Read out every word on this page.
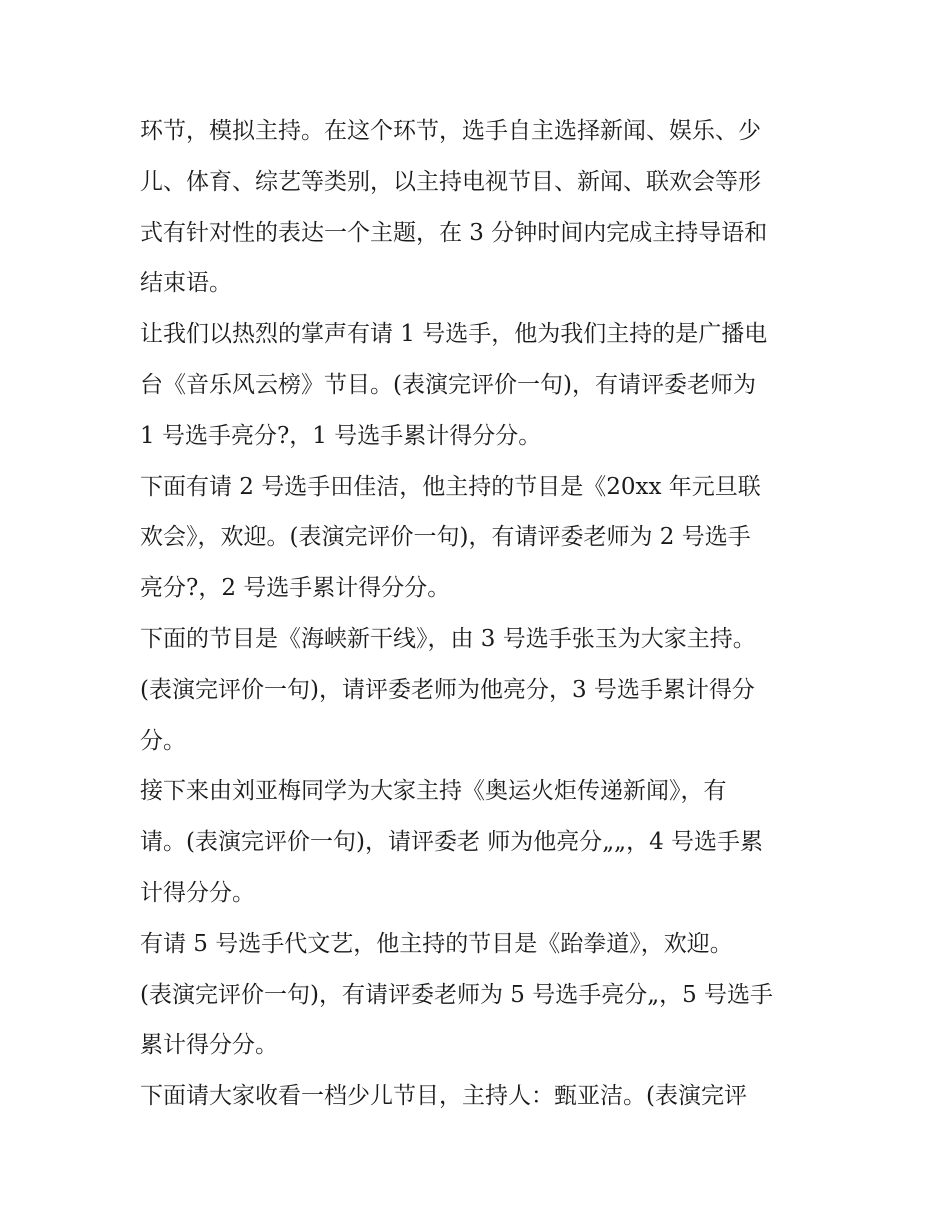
环节，模拟主持。在这个环节，选手自主选择新闻、娱乐、少
儿、体育、综艺等类别，以主持电视节目、新闻、联欢会等形
式有针对性的表达一个主题，在 3 分钟时间内完成主持导语和
结束语。
让我们以热烈的掌声有请 1 号选手，他为我们主持的是广播电
台《音乐风云榜》节目。(表演完评价一句)，有请评委老师为
1 号选手亮分?，1 号选手累计得分分。
下面有请 2 号选手田佳洁，他主持的节目是《20xx 年元旦联
欢会》，欢迎。(表演完评价一句)，有请评委老师为 2 号选手
亮分?，2 号选手累计得分分。
下面的节目是《海峡新干线》，由 3 号选手张玉为大家主持。
(表演完评价一句)，请评委老师为他亮分，3 号选手累计得分
分。
接下来由刘亚梅同学为大家主持《奥运火炬传递新闻》，有
请。(表演完评价一句)，请评委老 师为他亮分„„，4 号选手累
计得分分。
有请 5 号选手代文艺，他主持的节目是《跆拳道》，欢迎。
(表演完评价一句)，有请评委老师为 5 号选手亮分„，5 号选手
累计得分分。
下面请大家收看一档少儿节目，主持人：甄亚洁。(表演完评
